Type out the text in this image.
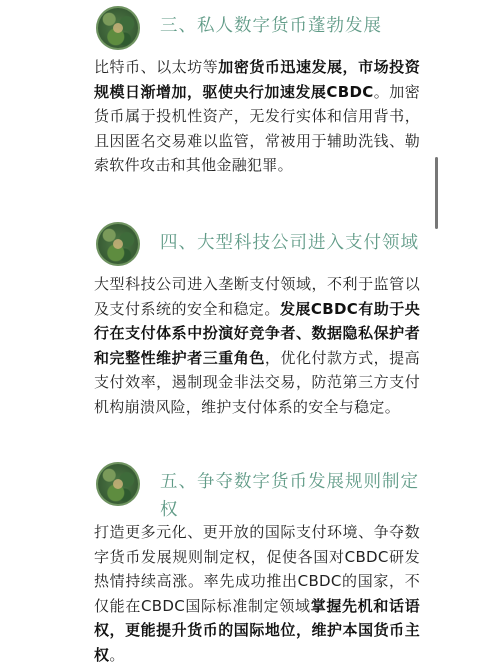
三、私人数字货币蓬勃发展

比特币、以太坊等加密货币迅速发展，市场投资规模日渐增加，驱使央行加速发展CBDC。加密货币属于投机性资产，无发行实体和信用背书，且因匿名交易难以监管，常被用于辅助洗钱、勒索软件攻击和其他金融犯罪。

四、大型科技公司进入支付领域

大型科技公司进入垄断支付领域，不利于监管以及支付系统的安全和稳定。发展CBDC有助于央行在支付体系中扮演好竞争者、数据隐私保护者和完整性维护者三重角色，优化付款方式，提高支付效率，遏制现金非法交易，防范第三方支付机构崩溃风险，维护支付体系的安全与稳定。

五、争夺数字货币发展规则制定
权

打造更多元化、更开放的国际支付环境、争夺数字货币发展规则制定权，促使各国对CBDC研发热情持续高涨。率先成功推出CBDC的国家，不仅能在CBDC国际标准制定领域掌握先机和话语权，更能提升货币的国际地位，维护本国货币主权。
